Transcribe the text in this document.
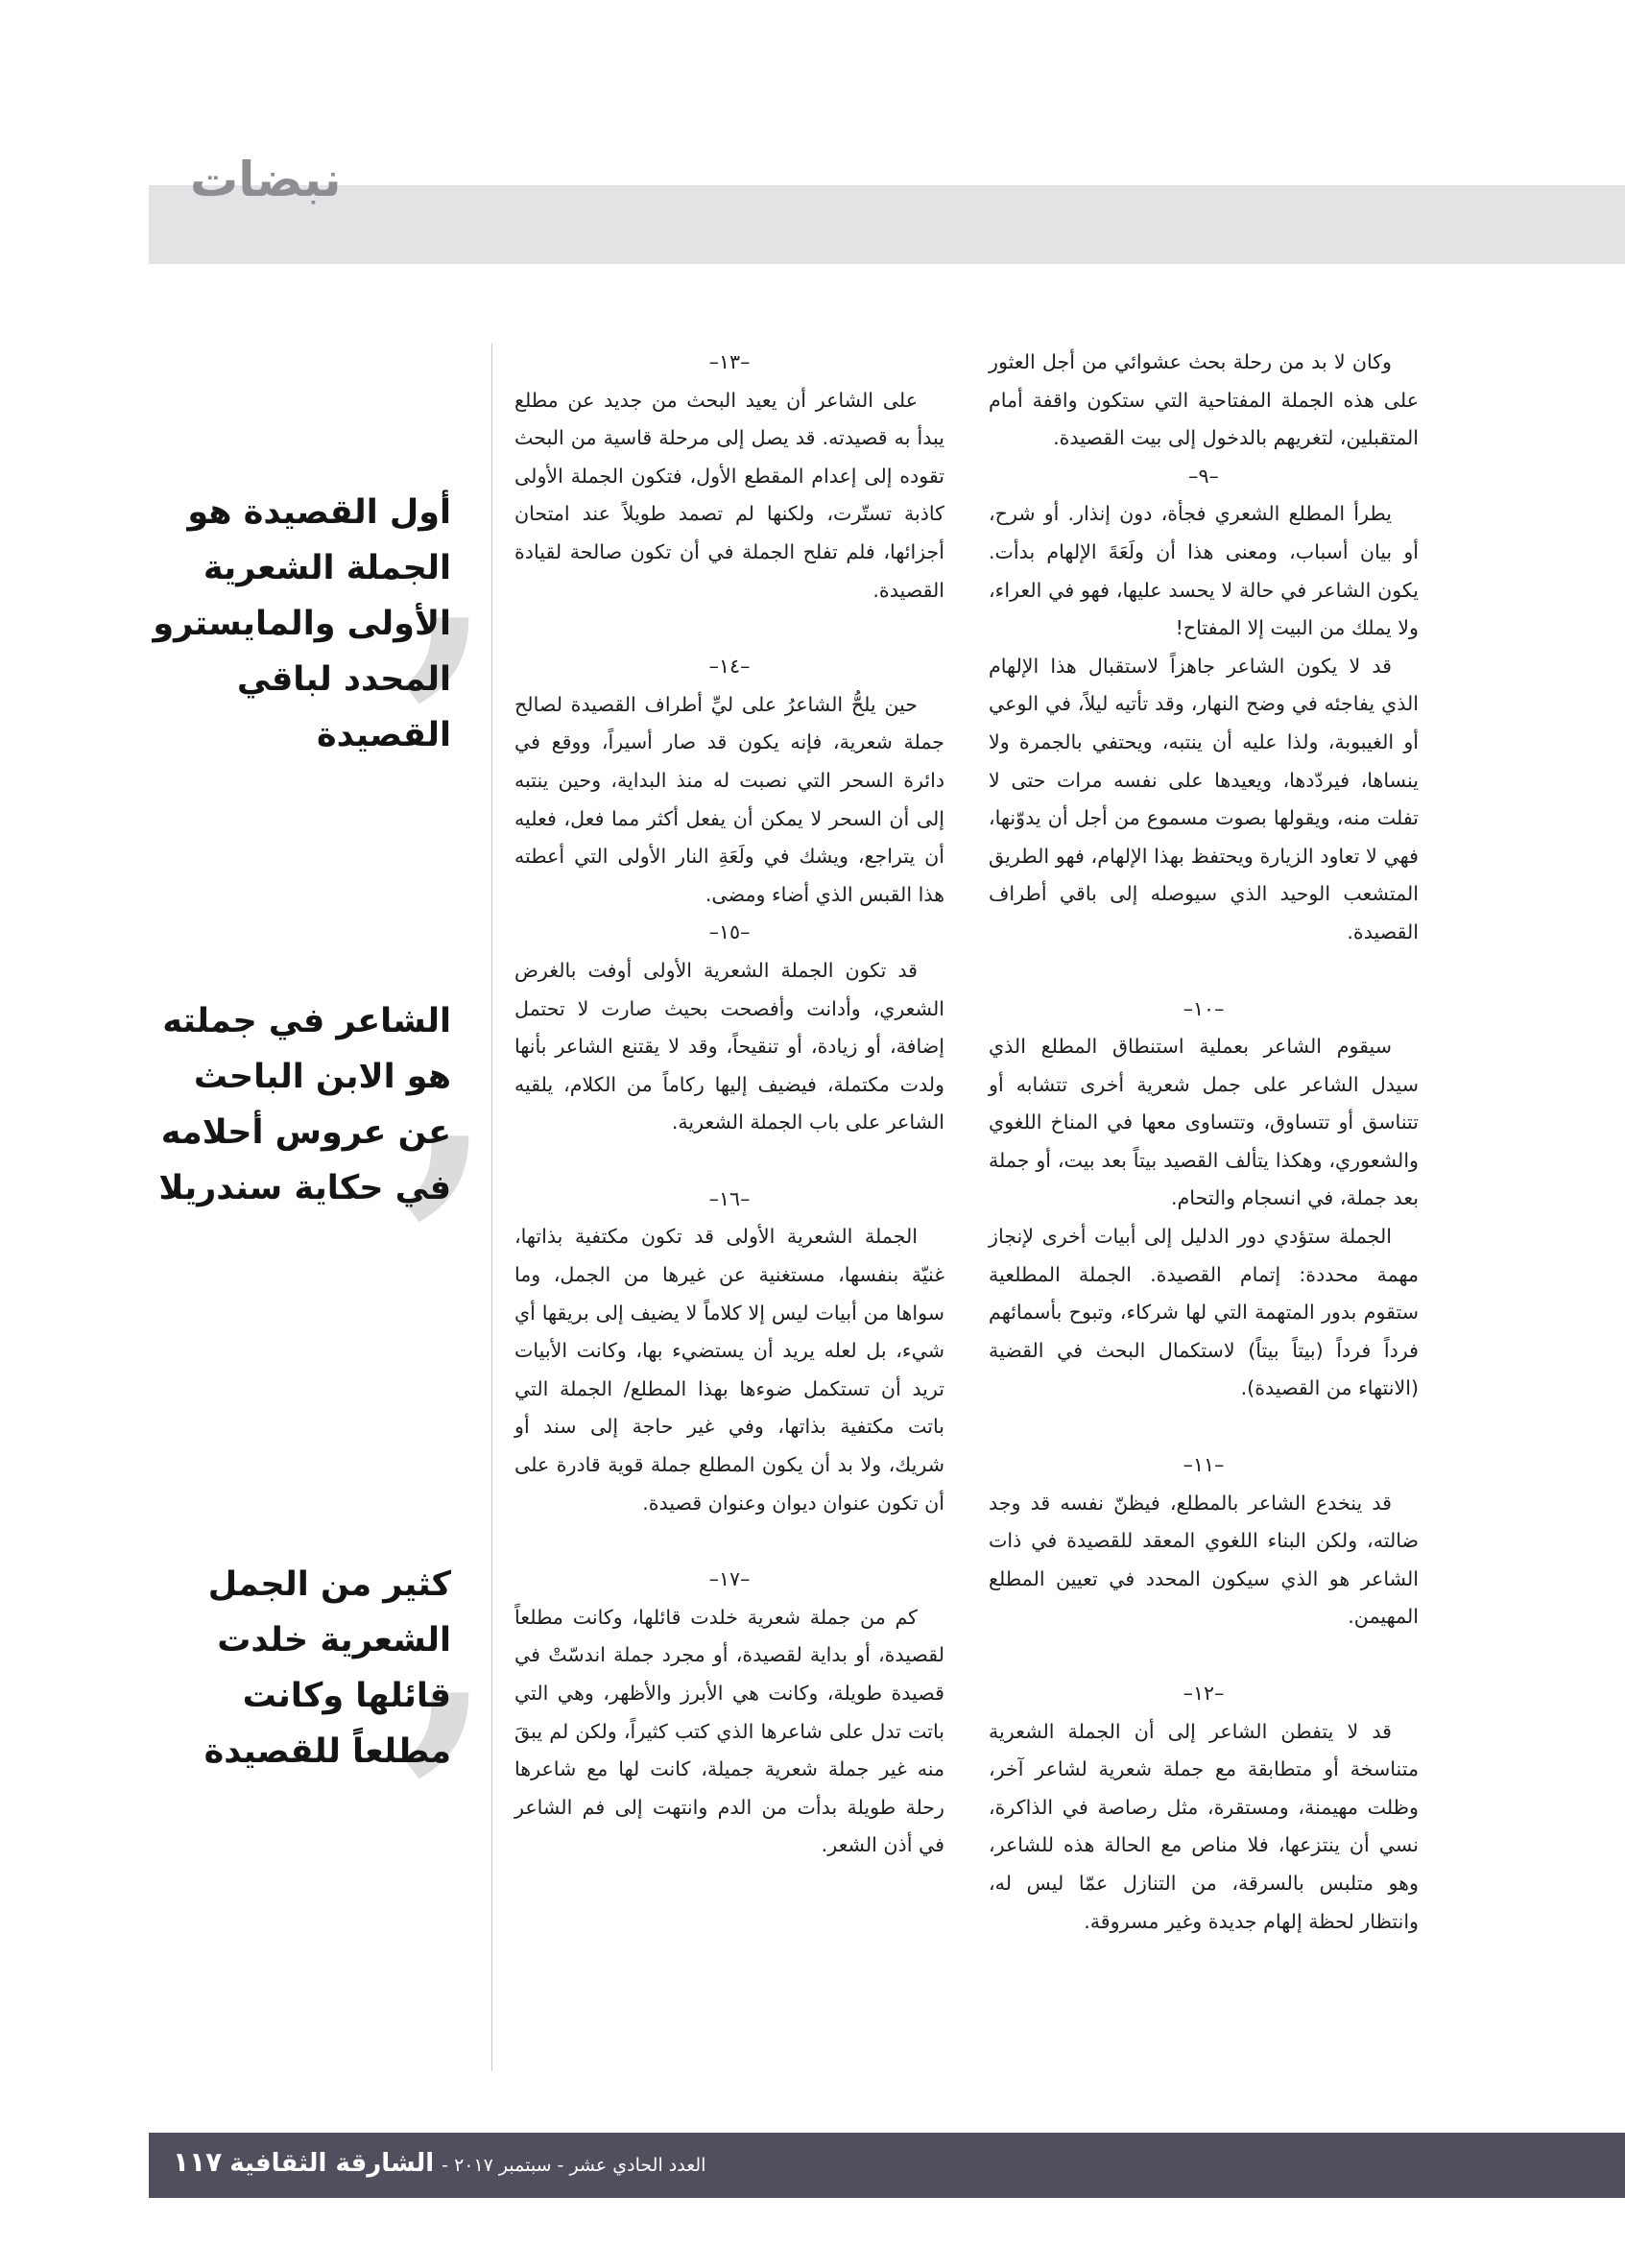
نبضات

وكان لا بد من رحلة بحث عشوائي من أجل العثور على هذه الجملة المفتاحية التي ستكون واقفة أمام المتقبلين، لتغريهم بالدخول إلى بيت القصيدة.

–٩–

يطرأ المطلع الشعري فجأة، دون إنذار. أو شرح، أو بيان أسباب، ومعنى هذا أن ولَعَةَ الإلهام بدأت. يكون الشاعر في حالة لا يحسد عليها، فهو في العراء، ولا يملك من البيت إلا المفتاح!

قد لا يكون الشاعر جاهزاً لاستقبال هذا الإلهام الذي يفاجئه في وضح النهار، وقد تأتيه ليلاً، في الوعي أو الغيبوبة، ولذا عليه أن ينتبه، ويحتفي بالجمرة ولا ينساها، فيردّدها، ويعيدها على نفسه مرات حتى لا تفلت منه، ويقولها بصوت مسموع من أجل أن يدوّنها، فهي لا تعاود الزيارة ويحتفظ بهذا الإلهام، فهو الطريق المتشعب الوحيد الذي سيوصله إلى باقي أطراف القصيدة.

–١٠–

سيقوم الشاعر بعملية استنطاق المطلع الذي سيدل الشاعر على جمل شعرية أخرى تتشابه أو تتناسق أو تتساوق، وتتساوى معها في المناخ اللغوي والشعوري، وهكذا يتألف القصيد بيتاً بعد بيت، أو جملة بعد جملة، في انسجام والتحام.

الجملة ستؤدي دور الدليل إلى أبيات أخرى لإنجاز مهمة محددة: إتمام القصيدة. الجملة المطلعية ستقوم بدور المتهمة التي لها شركاء، وتبوح بأسمائهم فرداً فرداً (بيتاً بيتاً) لاستكمال البحث في القضية (الانتهاء من القصيدة).

–١١–

قد ينخدع الشاعر بالمطلع، فيظنّ نفسه قد وجد ضالته، ولكن البناء اللغوي المعقد للقصيدة في ذات الشاعر هو الذي سيكون المحدد في تعيين المطلع المهيمن.

–١٢–

قد لا يتفطن الشاعر إلى أن الجملة الشعرية متناسخة أو متطابقة مع جملة شعرية لشاعر آخر، وظلت مهيمنة، ومستقرة، مثل رصاصة في الذاكرة، نسي أن ينتزعها، فلا مناص مع الحالة هذه للشاعر، وهو متلبس بالسرقة، من التنازل عمّا ليس له، وانتظار لحظة إلهام جديدة وغير مسروقة.

–١٣–

على الشاعر أن يعيد البحث من جديد عن مطلع يبدأ به قصيدته. قد يصل إلى مرحلة قاسية من البحث تقوده إلى إعدام المقطع الأول، فتكون الجملة الأولى كاذبة تستّرت، ولكنها لم تصمد طويلاً عند امتحان أجزائها، فلم تفلح الجملة في أن تكون صالحة لقيادة القصيدة.

–١٤–

حين يلحُّ الشاعرُ على ليِّ أطراف القصيدة لصالح جملة شعرية، فإنه يكون قد صار أسيراً، ووقع في دائرة السحر التي نصبت له منذ البداية، وحين ينتبه إلى أن السحر لا يمكن أن يفعل أكثر مما فعل، فعليه أن يتراجع، ويشك في ولَعَةِ النار الأولى التي أعطته هذا القبس الذي أضاء ومضى.

–١٥–

قد تكون الجملة الشعرية الأولى أوفت بالغرض الشعري، وأدانت وأفصحت بحيث صارت لا تحتمل إضافة، أو زيادة، أو تنقيحاً، وقد لا يقتنع الشاعر بأنها ولدت مكتملة، فيضيف إليها ركاماً من الكلام، يلقيه الشاعر على باب الجملة الشعرية.

–١٦–

الجملة الشعرية الأولى قد تكون مكتفية بذاتها، غنيّة بنفسها، مستغنية عن غيرها من الجمل، وما سواها من أبيات ليس إلا كلاماً لا يضيف إلى بريقها أي شيء، بل لعله يريد أن يستضيء بها، وكانت الأبيات تريد أن تستكمل ضوءها بهذا المطلع/ الجملة التي باتت مكتفية بذاتها، وفي غير حاجة إلى سند أو شريك، ولا بد أن يكون المطلع جملة قوية قادرة على أن تكون عنوان ديوان وعنوان قصيدة.

–١٧–

كم من جملة شعرية خلدت قائلها، وكانت مطلعاً لقصيدة، أو بداية لقصيدة، أو مجرد جملة اندسّتْ في قصيدة طويلة، وكانت هي الأبرز والأظهر، وهي التي باتت تدل على شاعرها الذي كتب كثيراً، ولكن لم يبقَ منه غير جملة شعرية جميلة، كانت لها مع شاعرها رحلة طويلة بدأت من الدم وانتهت إلى فم الشاعر في أذن الشعر.

,
أول القصيدة هو الجملة الشعرية الأولى والمايسترو المحدد لباقي القصيدة
,
الشاعر في جملته هو الابن الباحث عن عروس أحلامه في حكاية سندريلا
,
كثير من الجمل الشعرية خلدت قائلها وكانت مطلعاً للقصيدة
العدد الحادي عشر - سبتمبر ٢٠١٧ -
الشارقة الثقافية
١١٧
